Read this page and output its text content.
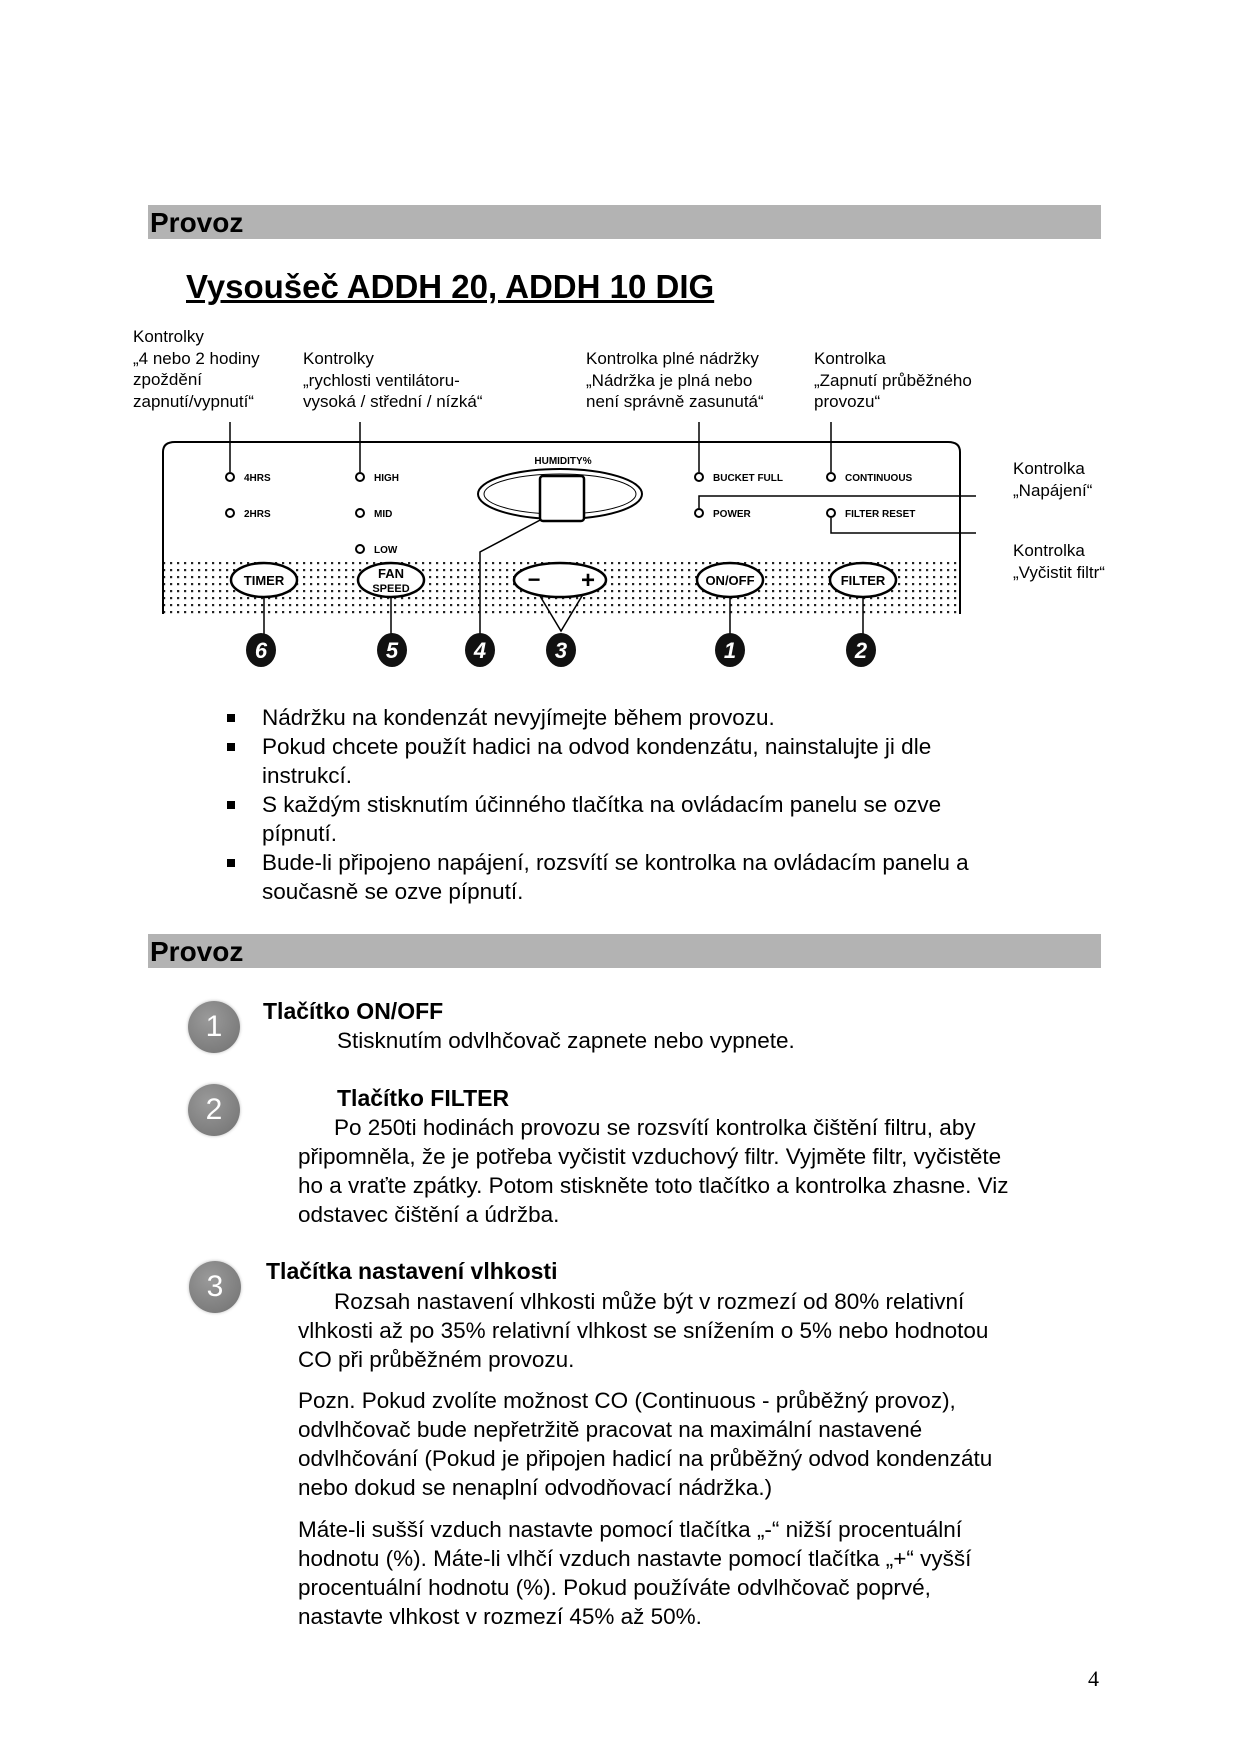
Provoz
Vysoušeč ADDH 20, ADDH 10 DIG
Kontrolky
„4 nebo 2 hodiny
zpoždění
zapnutí/vypnutí“
Kontrolky
„rychlosti ventilátoru-
vysoká / střední / nízká“
Kontrolka plné nádržky
„Nádržka je plná nebo
není správně zasunutá“
Kontrolka
„Zapnutí průběžného
provozu“
Kontrolka
„Napájení“
Kontrolka
„Vyčistit filtr“
4HRS
2HRS
HIGH
MID
LOW
BUCKET FULL
POWER
CONTINUOUS
FILTER RESET
HUMIDITY%
TIMER	FAN
SPEED	− +	ON/OFF	FILTER
6	5	4	3	1	2
Nádržku na kondenzát nevyjímejte během provozu.
Pokud chcete použít hadici na odvod kondenzátu, nainstalujte ji dle
instrukcí.
S každým stisknutím účinného tlačítka na ovládacím panelu se ozve
pípnutí.
Bude-li připojeno napájení, rozsvítí se kontrolka na ovládacím panelu a
současně se ozve pípnutí.
Provoz
1	Tlačítko ON/OFF
Stisknutím odvlhčovač zapnete nebo vypnete.
2	Tlačítko FILTER
Po 250ti hodinách provozu se rozsvítí kontrolka čištění filtru, aby
připomněla, že je potřeba vyčistit vzduchový filtr. Vyjměte filtr, vyčistěte
ho a vraťte zpátky. Potom stiskněte toto tlačítko a kontrolka zhasne. Viz
odstavec čištění a údržba.
3	Tlačítka nastavení vlhkosti
Rozsah nastavení vlhkosti může být v rozmezí od 80% relativní
vlhkosti až po 35% relativní vlhkost se snížením o 5% nebo hodnotou
CO při průběžném provozu.
Pozn. Pokud zvolíte možnost CO (Continuous - průběžný provoz),
odvlhčovač bude nepřetržitě pracovat na maximální nastavené
odvlhčování (Pokud je připojen hadicí na průběžný odvod kondenzátu
nebo dokud se nenaplní odvodňovací nádržka.)
Máte-li sušší vzduch nastavte pomocí tlačítka „-“ nižší procentuální
hodnotu (%). Máte-li vlhčí vzduch nastavte pomocí tlačítka „+“ vyšší
procentuální hodnotu (%). Pokud používáte odvlhčovač poprvé,
nastavte vlhkost v rozmezí 45% až 50%.
4
